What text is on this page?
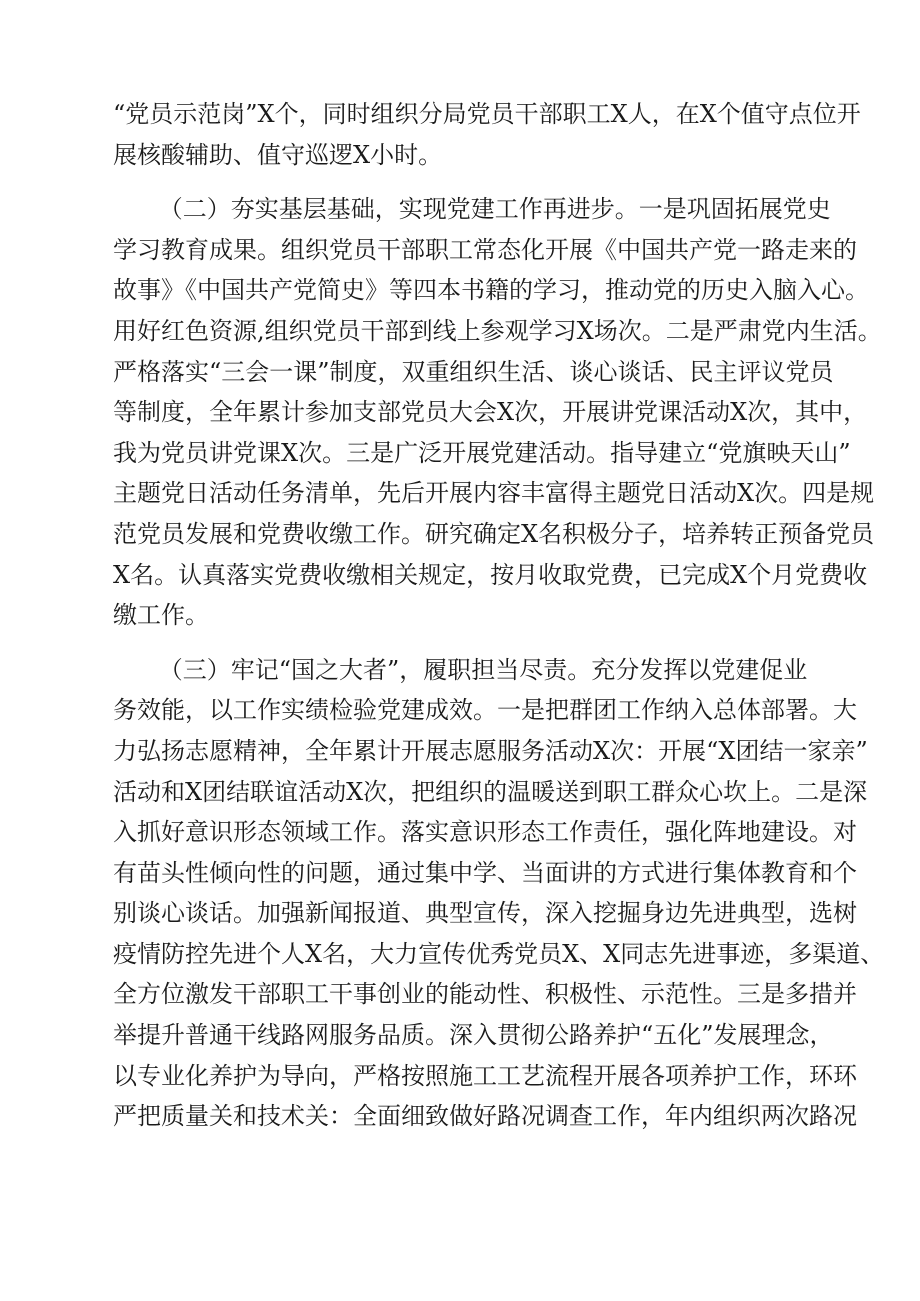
“党员示范岗”X个，同时组织分局党员干部职工X人，在X个值守点位开
展核酸辅助、值守巡逻X小时。
（二）夯实基层基础，实现党建工作再进步。一是巩固拓展党史
学习教育成果。组织党员干部职工常态化开展《中国共产党一路走来的
故事》《中国共产党简史》等四本书籍的学习，推动党的历史入脑入心。
用好红色资源,组织党员干部到线上参观学习X场次。二是严肃党内生活。
严格落实“三会一课”制度，双重组织生活、谈心谈话、民主评议党员
等制度，全年累计参加支部党员大会X次，开展讲党课活动X次，其中，
我为党员讲党课X次。三是广泛开展党建活动。指导建立“党旗映天山”
主题党日活动任务清单，先后开展内容丰富得主题党日活动X次。四是规
范党员发展和党费收缴工作。研究确定X名积极分子，培养转正预备党员
X名。认真落实党费收缴相关规定，按月收取党费，已完成X个月党费收
缴工作。
（三）牢记“国之大者”，履职担当尽责。充分发挥以党建促业
务效能，以工作实绩检验党建成效。一是把群团工作纳入总体部署。大
力弘扬志愿精神，全年累计开展志愿服务活动X次：开展“X团结一家亲”
活动和X团结联谊活动X次，把组织的温暖送到职工群众心坎上。二是深
入抓好意识形态领域工作。落实意识形态工作责任，强化阵地建设。对
有苗头性倾向性的问题，通过集中学、当面讲的方式进行集体教育和个
别谈心谈话。加强新闻报道、典型宣传，深入挖掘身边先进典型，选树
疫情防控先进个人X名，大力宣传优秀党员X、X同志先进事迹，多渠道、
全方位激发干部职工干事创业的能动性、积极性、示范性。三是多措并
举提升普通干线路网服务品质。深入贯彻公路养护“五化”发展理念，
以专业化养护为导向，严格按照施工工艺流程开展各项养护工作，环环
严把质量关和技术关：全面细致做好路况调查工作，年内组织两次路况
